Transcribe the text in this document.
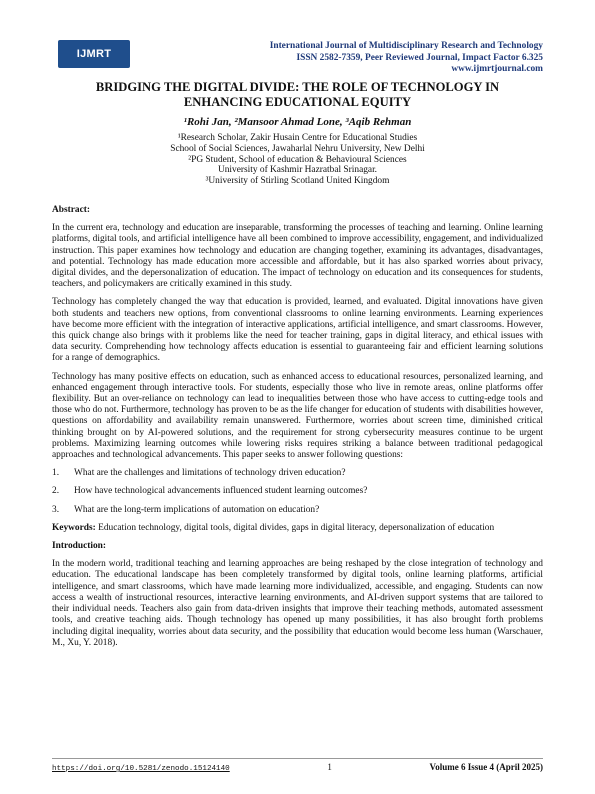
IJMRT
International Journal of Multidisciplinary Research and Technology
ISSN 2582-7359, Peer Reviewed Journal, Impact Factor 6.325
www.ijmrtjournal.com
BRIDGING THE DIGITAL DIVIDE: THE ROLE OF TECHNOLOGY IN
ENHANCING EDUCATIONAL EQUITY
¹Rohi Jan, ²Mansoor Ahmad Lone, ³Aqib Rehman
¹Research Scholar, Zakir Husain Centre for Educational Studies
School of Social Sciences, Jawaharlal Nehru University, New Delhi
²PG Student, School of education & Behavioural Sciences
University of Kashmir Hazratbal Srinagar.
³University of Stirling Scotland United Kingdom
Abstract:

In the current era, technology and education are inseparable, transforming the processes of teaching and learning. Online learning platforms, digital tools, and artificial intelligence have all been combined to improve accessibility, engagement, and individualized instruction. This paper examines how technology and education are changing together, examining its advantages, disadvantages, and potential. Technology has made education more accessible and affordable, but it has also sparked worries about privacy, digital divides, and the depersonalization of education. The impact of technology on education and its consequences for students, teachers, and policymakers are critically examined in this study.

Technology has completely changed the way that education is provided, learned, and evaluated. Digital innovations have given both students and teachers new options, from conventional classrooms to online learning environments. Learning experiences have become more efficient with the integration of interactive applications, artificial intelligence, and smart classrooms. However, this quick change also brings with it problems like the need for teacher training, gaps in digital literacy, and ethical issues with data security. Comprehending how technology affects education is essential to guaranteeing fair and efficient learning solutions for a range of demographics.

Technology has many positive effects on education, such as enhanced access to educational resources, personalized learning, and enhanced engagement through interactive tools. For students, especially those who live in remote areas, online platforms offer flexibility. But an over-reliance on technology can lead to inequalities between those who have access to cutting-edge tools and those who do not. Furthermore, technology has proven to be as the life changer for education of students with disabilities however, questions on affordability and availability remain unanswered. Furthermore, worries about screen time, diminished critical thinking brought on by AI-powered solutions, and the requirement for strong cybersecurity measures continue to be urgent problems. Maximizing learning outcomes while lowering risks requires striking a balance between traditional pedagogical approaches and technological advancements. This paper seeks to answer following questions:

1.	What are the challenges and limitations of technology driven education?
2.	How have technological advancements influenced student learning outcomes?
3.	What are the long-term implications of automation on education?
Keywords: Education technology, digital tools, digital divides, gaps in digital literacy, depersonalization of education
Introduction:

In the modern world, traditional teaching and learning approaches are being reshaped by the close integration of technology and education. The educational landscape has been completely transformed by digital tools, online learning platforms, artificial intelligence, and smart classrooms, which have made learning more individualized, accessible, and engaging. Students can now access a wealth of instructional resources, interactive learning environments, and AI-driven support systems that are tailored to their individual needs. Teachers also gain from data-driven insights that improve their teaching methods, automated assessment tools, and creative teaching aids. Though technology has opened up many possibilities, it has also brought forth problems including digital inequality, worries about data security, and the possibility that education would become less human (Warschauer, M., Xu, Y. 2018).

https://doi.org/10.5281/zenodo.15124140	1	Volume 6 Issue 4 (April 2025)
